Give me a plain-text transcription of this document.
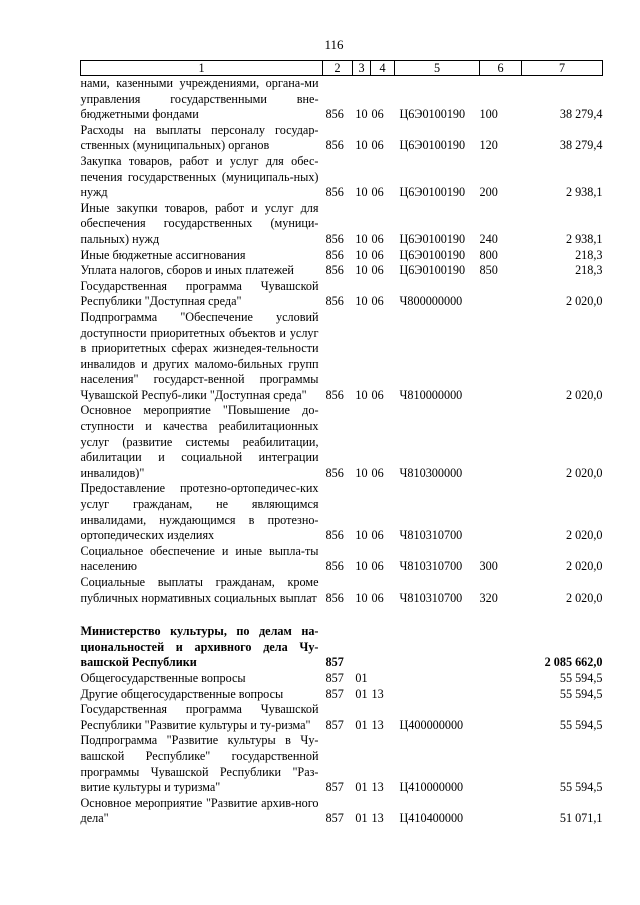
116
1	2	3	4	5	6	7
нами, казенными учреждениями, органа-ми управления государственными вне-бюджетными фондами	856	10	06	Ц6Э0100190	100	38 279,4
Расходы на выплаты персоналу государ-ственных (муниципальных) органов	856	10	06	Ц6Э0100190	120	38 279,4
Закупка товаров, работ и услуг для обес-печения государственных (муниципаль-ных) нужд	856	10	06	Ц6Э0100190	200	2 938,1
Иные закупки товаров, работ и услуг для обеспечения государственных (муници-пальных) нужд	856	10	06	Ц6Э0100190	240	2 938,1
Иные бюджетные ассигнования	856	10	06	Ц6Э0100190	800	218,3
Уплата налогов, сборов и иных платежей	856	10	06	Ц6Э0100190	850	218,3
Государственная программа Чувашской Республики "Доступная среда"	856	10	06	Ч800000000		2 020,0
Подпрограмма "Обеспечение условий доступности приоритетных объектов и услуг в приоритетных сферах жизнедея-тельности инвалидов и других маломо-бильных групп населения" государст-венной программы Чувашской Респуб-лики "Доступная среда"	856	10	06	Ч810000000		2 020,0
Основное мероприятие "Повышение до-ступности и качества реабилитационных услуг (развитие системы реабилитации, абилитации и социальной интеграции инвалидов)"	856	10	06	Ч810300000		2 020,0
Предоставление протезно-ортопедичес-ких услуг гражданам, не являющимся инвалидами, нуждающимся в протезно-ортопедических изделиях	856	10	06	Ч810310700		2 020,0
Социальное обеспечение и иные выпла-ты населению	856	10	06	Ч810310700	300	2 020,0
Социальные выплаты гражданам, кроме публичных нормативных социальных выплат	856	10	06	Ч810310700	320	2 020,0

Министерство культуры, по делам на-циональностей и архивного дела Чу-вашской Республики	857					2 085 662,0
Общегосударственные вопросы	857	01				55 594,5
Другие общегосударственные вопросы	857	01	13			55 594,5
Государственная программа Чувашской Республики "Развитие культуры и ту-ризма"	857	01	13	Ц400000000		55 594,5
Подпрограмма "Развитие культуры в Чу-вашской Республике" государственной программы Чувашской Республики "Раз-витие культуры и туризма"	857	01	13	Ц410000000		55 594,5
Основное мероприятие "Развитие архив-ного дела"	857	01	13	Ц410400000		51 071,1
